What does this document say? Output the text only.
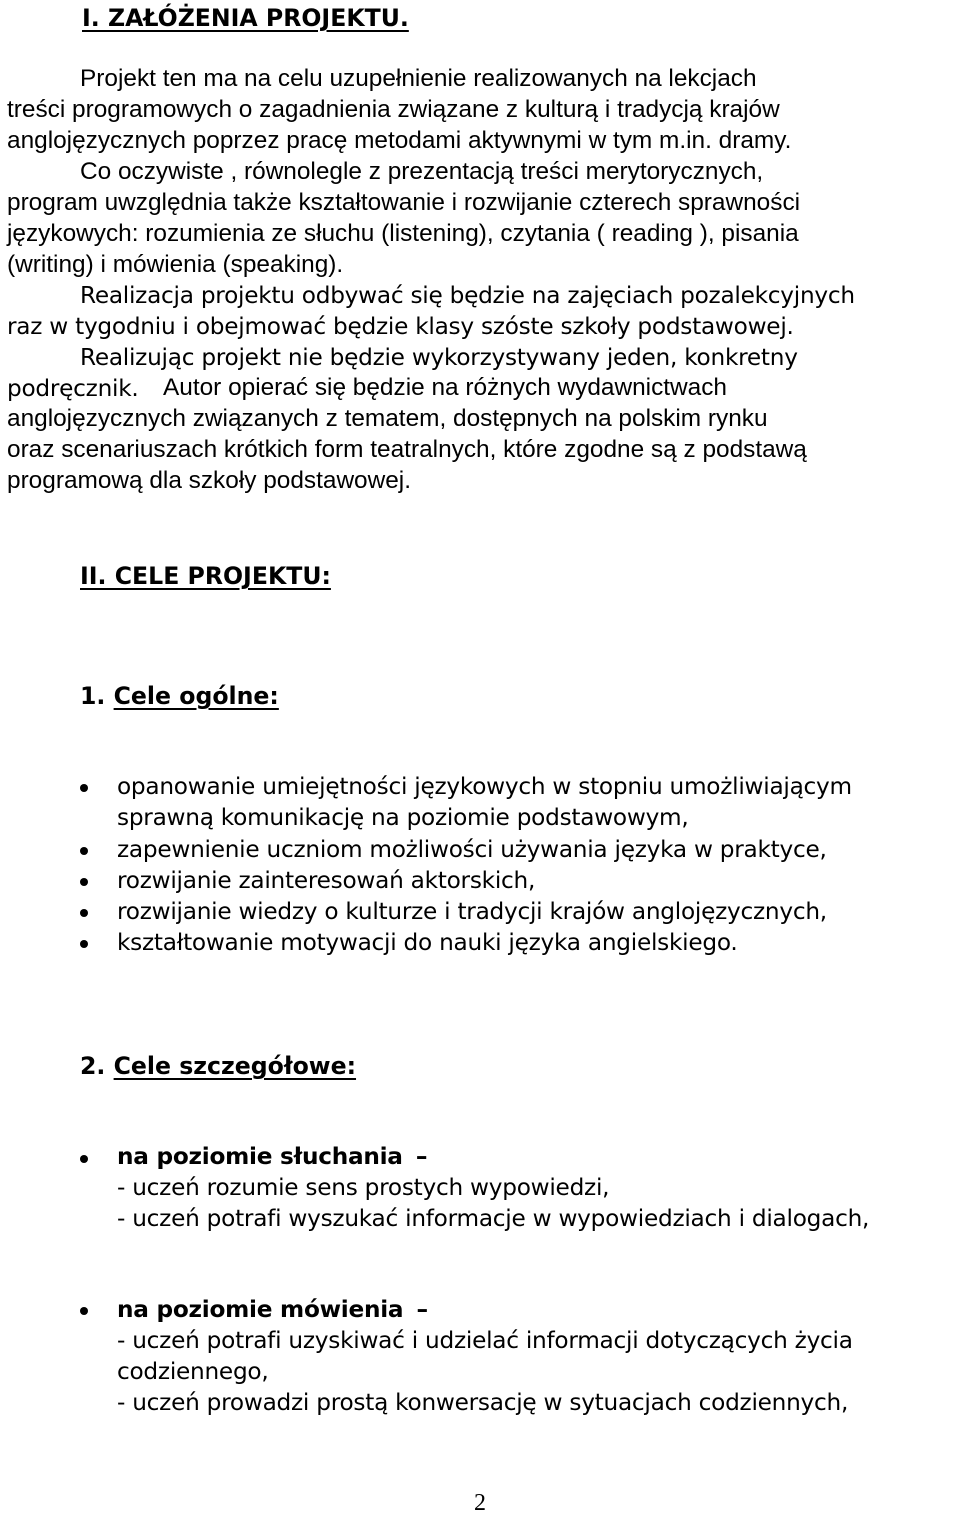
I. ZAŁÓŻENIA PROJEKTU.
Projekt ten ma na celu uzupełnienie realizowanych na lekcjach
treści programowych o zagadnienia związane z kulturą i tradycją krajów
anglojęzycznych poprzez pracę metodami aktywnymi w tym m.in. dramy.
Co oczywiste , równolegle z prezentacją treści merytorycznych,
program uwzględnia także kształtowanie i rozwijanie czterech sprawności
językowych: rozumienia ze słuchu (listening), czytania ( reading ), pisania
(writing) i mówienia (speaking).
Realizacja projektu odbywać się będzie na zajęciach pozalekcyjnych
raz w tygodniu i obejmować będzie klasy szóste szkoły podstawowej.
Realizując projekt nie będzie wykorzystywany jeden, konkretny
podręcznik. Autor opierać się będzie na różnych wydawnictwach
anglojęzycznych związanych z tematem, dostępnych na polskim rynku
oraz scenariuszach krótkich form teatralnych, które zgodne są z podstawą
programową dla szkoły podstawowej.
II. CELE PROJEKTU:
1. Cele ogólne:
opanowanie umiejętności językowych w stopniu umożliwiającym
sprawną komunikację na poziomie podstawowym,
zapewnienie uczniom możliwości używania języka w praktyce,
rozwijanie zainteresowań aktorskich,
rozwijanie wiedzy o kulturze i tradycji krajów anglojęzycznych,
kształtowanie motywacji do nauki języka angielskiego.
2. Cele szczegółowe:
na poziomie słuchania –
- uczeń rozumie sens prostych wypowiedzi,
- uczeń potrafi wyszukać informacje w wypowiedziach i dialogach,
na poziomie mówienia –
- uczeń potrafi uzyskiwać i udzielać informacji dotyczących życia
codziennego,
- uczeń prowadzi prostą konwersację w sytuacjach codziennych,
2
